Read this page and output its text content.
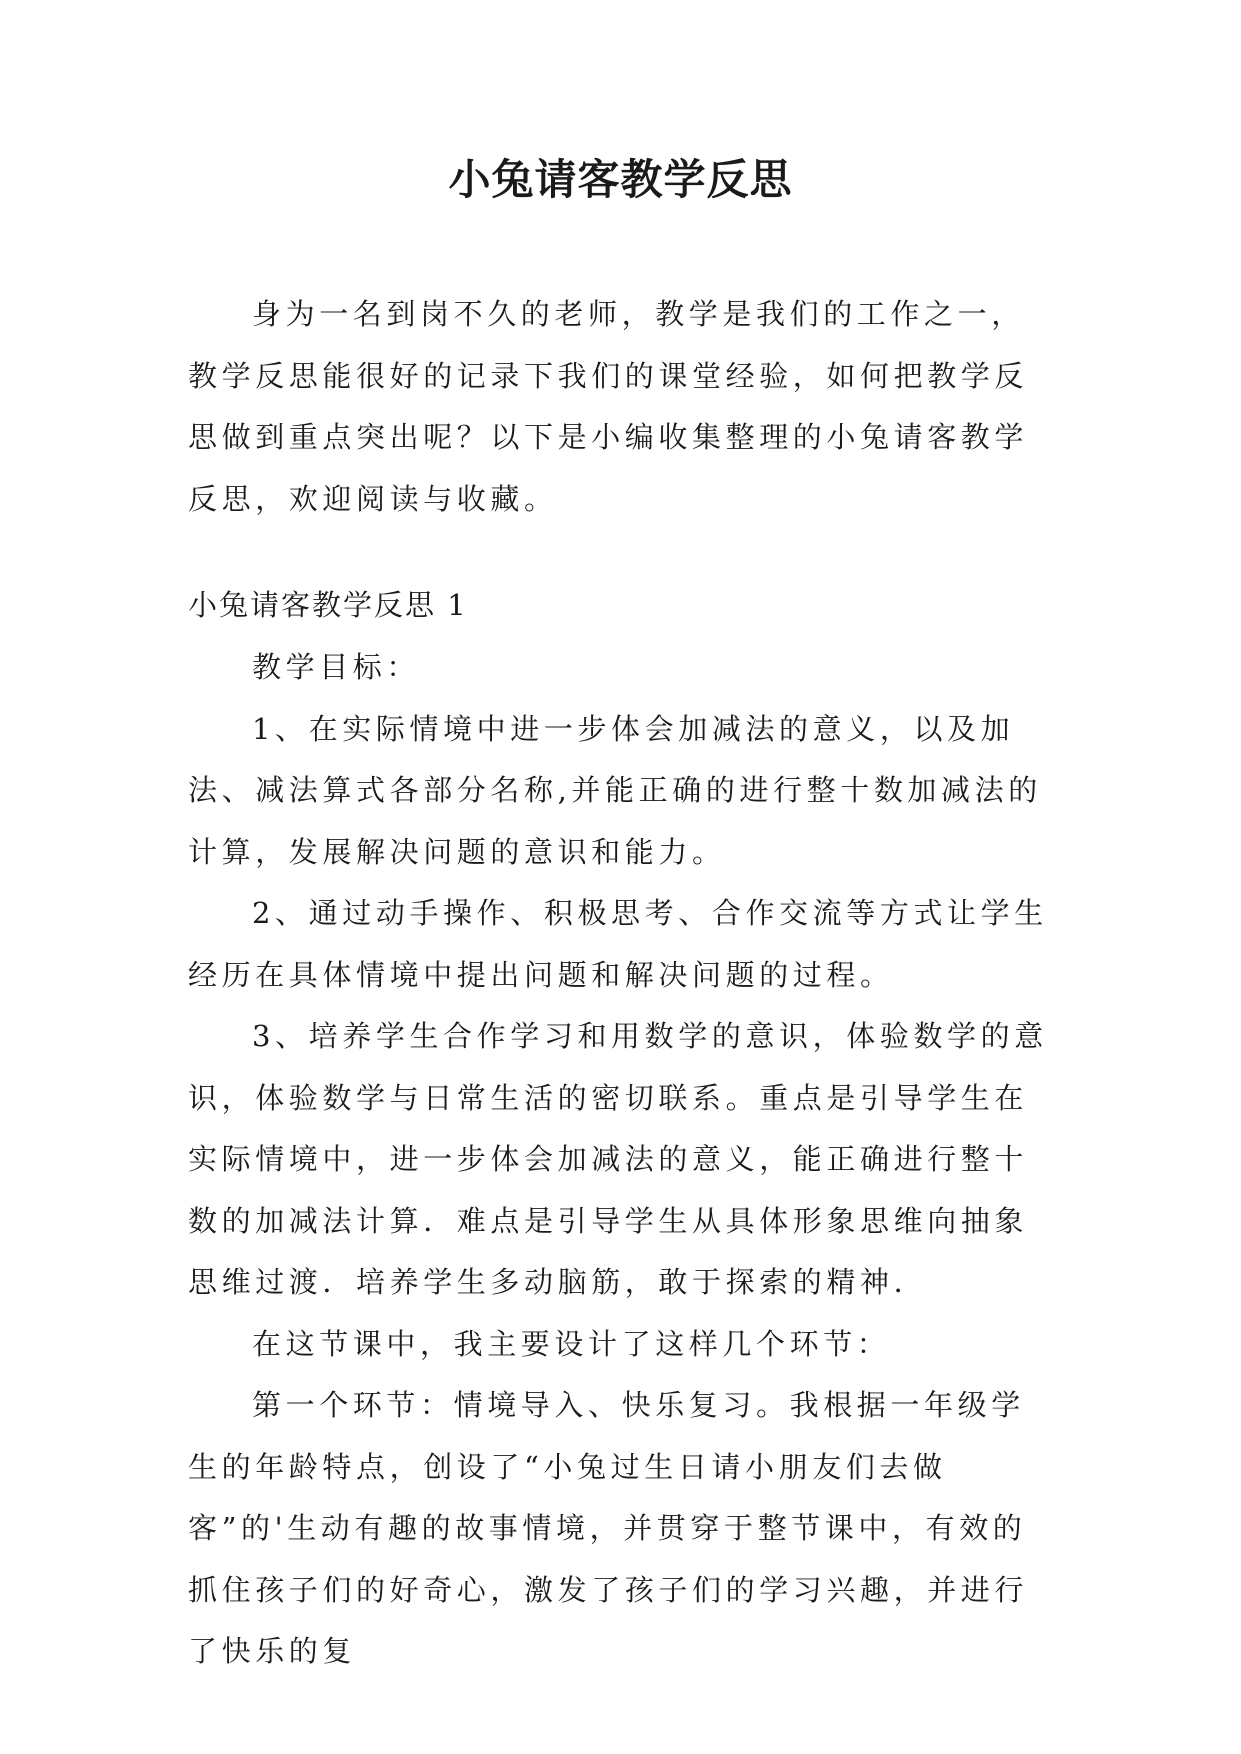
小兔请客教学反思

身为一名到岗不久的老师，教学是我们的工作之一，教学反思能很好的记录下我们的课堂经验，如何把教学反思做到重点突出呢？以下是小编收集整理的小兔请客教学反思，欢迎阅读与收藏。

小兔请客教学反思 1

教学目标：

1、在实际情境中进一步体会加减法的意义，以及加法、减法算式各部分名称,并能正确的进行整十数加减法的计算，发展解决问题的意识和能力。

2、通过动手操作、积极思考、合作交流等方式让学生经历在具体情境中提出问题和解决问题的过程。

3、培养学生合作学习和用数学的意识，体验数学的意识，体验数学与日常生活的密切联系。重点是引导学生在实际情境中，进一步体会加减法的意义，能正确进行整十数的加减法计算．难点是引导学生从具体形象思维向抽象思维过渡．培养学生多动脑筋，敢于探索的精神．

在这节课中，我主要设计了这样几个环节：

第一个环节：情境导入、快乐复习。我根据一年级学生的年龄特点，创设了“小兔过生日请小朋友们去做客”的'生动有趣的故事情境，并贯穿于整节课中，有效的抓住孩子们的好奇心，激发了孩子们的学习兴趣，并进行了快乐的复
